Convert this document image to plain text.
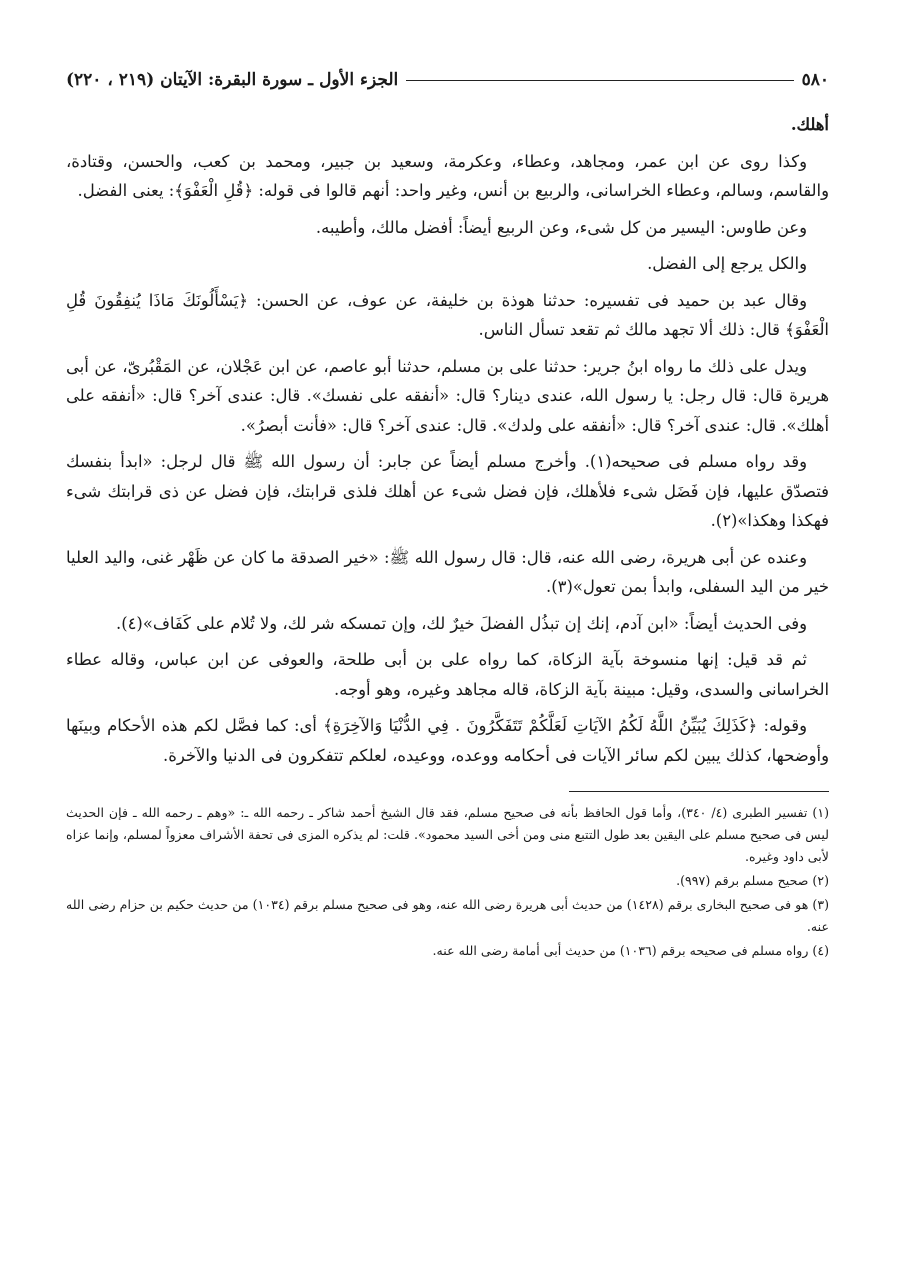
٥٨٠
الجزء الأول ـ سورة البقرة: الآيتان (٢١٩ ، ٢٢٠)

أهلك.

وكذا روى عن ابن عمر، ومجاهد، وعطاء، وعكرمة، وسعيد بن جبير، ومحمد بن كعب، والحسن، وقتادة، والقاسم، وسالم، وعطاء الخراسانى، والربيع بن أنس، وغير واحد: أنهم قالوا فى قوله: ﴿قُلِ الْعَفْوَ﴾: يعنى الفضل.

وعن طاوس: اليسير من كل شىء، وعن الربيع أيضاً: أفضل مالك، وأطيبه.

والكل يرجع إلى الفضل.

وقال عبد بن حميد فى تفسيره: حدثنا هوذة بن خليفة، عن عوف، عن الحسن: ﴿يَسْأَلُونَكَ مَاذَا يُنفِقُونَ قُلِ الْعَفْوَ﴾ قال: ذلك ألا تجهد مالك ثم تقعد تسأل الناس.

ويدل على ذلك ما رواه ابنُ جرير: حدثنا على بن مسلم، حدثنا أبو عاصم، عن ابن عَجْلان، عن المَقْبُرىّ، عن أبى هريرة قال: قال رجل: يا رسول الله، عندى دينار؟ قال: «أنفقه على نفسك». قال: عندى آخر؟ قال: «أنفقه على أهلك». قال: عندى آخر؟ قال: «أنفقه على ولدك». قال: عندى آخر؟ قال: «فأنت أبصرُ».

وقد رواه مسلم فى صحيحه(١). وأخرج مسلم أيضاً عن جابر: أن رسول الله ﷺ قال لرجل: «ابدأ بنفسك فتصدّق عليها، فإن فَضَل شىء فلأهلك، فإن فضل شىء عن أهلك فلذى قرابتك، فإن فضل عن ذى قرابتك شىء فهكذا وهكذا»(٢).

وعنده عن أبى هريرة، رضى الله عنه، قال: قال رسول الله ﷺ: «خير الصدقة ما كان عن ظَهْر غنى، واليد العليا خير من اليد السفلى، وابدأ بمن تعول»(٣).

وفى الحديث أيضاً: «ابن آدم، إنك إن تبذُل الفضلَ خيرٌ لك، وإن تمسكه شر لك، ولا تُلام على كَفَاف»(٤).

ثم قد قيل: إنها منسوخة بآية الزكاة، كما رواه على بن أبى طلحة، والعوفى عن ابن عباس، وقاله عطاء الخراسانى والسدى، وقيل: مبينة بآية الزكاة، قاله مجاهد وغيره، وهو أوجه.

وقوله: ﴿كَذَلِكَ يُبَيِّنُ اللَّهُ لَكُمُ الآيَاتِ لَعَلَّكُمْ تَتَفَكَّرُونَ . فِي الدُّنْيَا وَالآخِرَةِ﴾ أى: كما فصَّل لكم هذه الأحكام وبينَها وأوضحها، كذلك يبين لكم سائر الآيات فى أحكامه ووعده، ووعيده، لعلكم تتفكرون فى الدنيا والآخرة.

(١) تفسير الطبرى (٤/ ٣٤٠)، وأما قول الحافظ بأنه فى صحيح مسلم، فقد قال الشيخ أحمد شاكر ـ رحمه الله ـ: «وهم ـ رحمه الله ـ فإن الحديث ليس فى صحيح مسلم على اليقين بعد طول التتبع منى ومن أخى السيد محمود». قلت: لم يذكره المزى فى تحفة الأشراف معزواً لمسلم، وإنما عزاه لأبى داود وغيره.

(٢) صحيح مسلم برقم (٩٩٧).

(٣) هو فى صحيح البخارى برقم (١٤٢٨) من حديث أبى هريرة رضى الله عنه، وهو فى صحيح مسلم برقم (١٠٣٤) من حديث حكيم بن حزام رضى الله عنه.

(٤) رواه مسلم فى صحيحه برقم (١٠٣٦) من حديث أبى أمامة رضى الله عنه.
